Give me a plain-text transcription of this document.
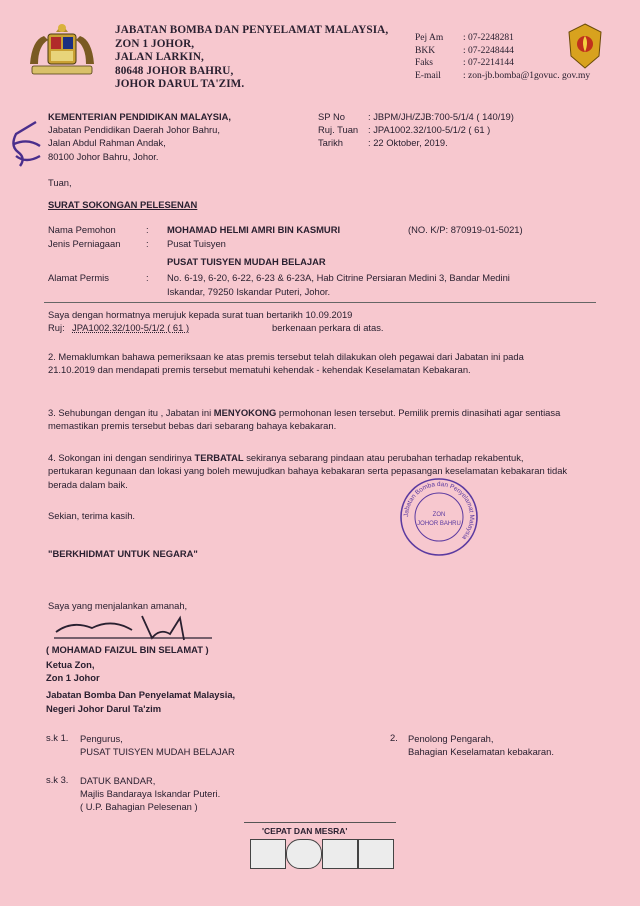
JABATAN BOMBA DAN PENYELAMAT MALAYSIA,
ZON 1 JOHOR,
JALAN LARKIN,
80648 JOHOR BAHRU,
JOHOR DARUL TA'ZIM.
Pej Am : 07-2248281
BKK	: 07-2248444
Faks	: 07-2214144
E-mail : zon-jb.bomba@1govuc. gov.my
KEMENTERIAN PENDIDIKAN MALAYSIA,
Jabatan Pendidikan Daerah Johor Bahru,
Jalan Abdul Rahman Andak,
80100 Johor Bahru, Johor.
SP No : JBPM/JH/ZJB:700-5/1/4 ( 140/19)
Ruj. Tuan : JPA1002.32/100-5/1/2 ( 61 )
Tarikh	: 22 Oktober, 2019.
Tuan,
SURAT SOKONGAN PELESENAN
Nama Pemohon	: MOHAMAD HELMI AMRI BIN KASMURI	(NO. K/P: 870919-01-5021)
Jenis Perniagaan	: Pusat Tuisyen
PUSAT TUISYEN MUDAH BELAJAR
Alamat Permis	: No. 6-19, 6-20, 6-22, 6-23 & 6-23A, Hab Citrine Persiaran Medini 3, Bandar Medini
Iskandar, 79250 Iskandar Puteri, Johor.
Saya dengan hormatnya merujuk kepada surat tuan bertarikh 10.09.2019
Ruj: JPA1002.32/100-5/1/2 ( 61 )	berkenaan perkara di atas.
2. Memaklumkan bahawa pemeriksaan ke atas premis tersebut telah dilakukan oleh pegawai dari Jabatan ini pada 21.10.2019 dan mendapati premis tersebut mematuhi kehendak - kehendak Keselamatan Kebakaran.
3. Sehubungan dengan itu , Jabatan ini MENYOKONG permohonan lesen tersebut. Pemilik premis dinasihati agar sentiasa memastikan premis tersebut bebas dari sebarang bahaya kebakaran.
4. Sokongan ini dengan sendirinya TERBATAL sekiranya sebarang pindaan atau perubahan terhadap rekabentuk, pertukaran kegunaan dan lokasi yang boleh mewujudkan bahaya kebakaran serta pepasangan keselamatan kebakaran tidak berada dalam baik.
Sekian, terima kasih.
"BERKHIDMAT UNTUK NEGARA"
Jabatan Bomba dan Penyelamat Malaysia
ZON
JOHOR BAHRU
Saya yang menjalankan amanah,
( MOHAMAD FAIZUL BIN SELAMAT )
Ketua Zon,
Zon 1 Johor
Jabatan Bomba Dan Penyelamat Malaysia,
Negeri Johor Darul Ta'zim
s.k 1. Pengurus,
PUSAT TUISYEN MUDAH BELAJAR
2. Penolong Pengarah,
Bahagian Keselamatan kebakaran.
s.k 3. DATUK BANDAR,
Majlis Bandaraya Iskandar Puteri.
( U.P. Bahagian Pelesenan )
'CEPAT DAN MESRA'
